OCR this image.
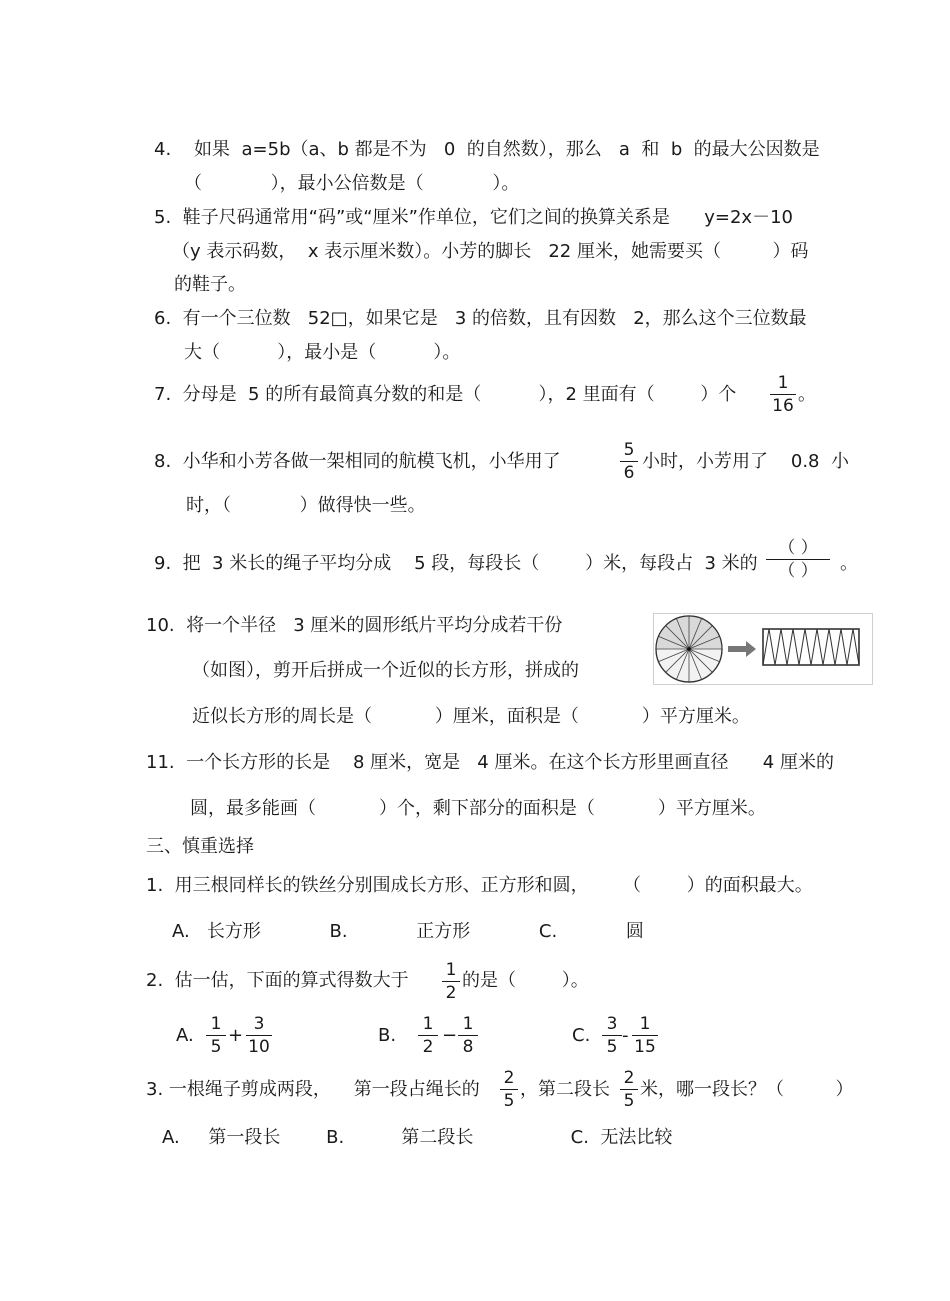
4.    如果  a=5b（a、b 都是不为   0  的自然数），那么   a  和  b  的最大公因数是
（            ），最小公倍数是（            ）。
5.  鞋子尺码通常用“码”或“厘米”作单位，它们之间的换算关系是      y=2x－10
（y 表示码数，  x 表示厘米数）。小芳的脚长   22 厘米，她需要买（         ）码
的鞋子。
6.  有一个三位数   52□，如果它是   3 的倍数，且有因数   2，那么这个三位数最
大（          ），最小是（          ）。
7.  分母是  5 的所有最简真分数的和是（          ），2 里面有（        ）个
1
16
。
8.  小华和小芳各做一架相同的航模飞机，小华用了
5
6
小时，小芳用了    0.8  小
时，（            ）做得快一些。
9.  把  3 米长的绳子平均分成    5 段，每段长（        ）米，每段占  3 米的
（ ）
（ ）	。
10.  将一个半径   3 厘米的圆形纸片平均分成若干份
（如图），剪开后拼成一个近似的长方形，拼成的
近似长方形的周长是（           ）厘米，面积是（           ）平方厘米。
11.  一个长方形的长是    8 厘米，宽是   4 厘米。在这个长方形里画直径      4 厘米的
圆，最多能画（           ）个，剩下部分的面积是（           ）平方厘米。
三、慎重选择
1.  用三根同样长的铁丝分别围成长方形、正方形和圆，      （        ）的面积最大。
A.   长方形            B.            正方形            C.            圆
2.  估一估，下面的算式得数大于 1
2
的是（        ）。
A.
1
5
+
3
10
B.
1
2
−
1
8
C.
3
5
-
1
15
3. 一根绳子剪成两段，    第一段占绳长的
2
5
，第二段长
2
5
米，哪一段长？（         ）
A.     第一段长        B.          第二段长                 C.  无法比较
